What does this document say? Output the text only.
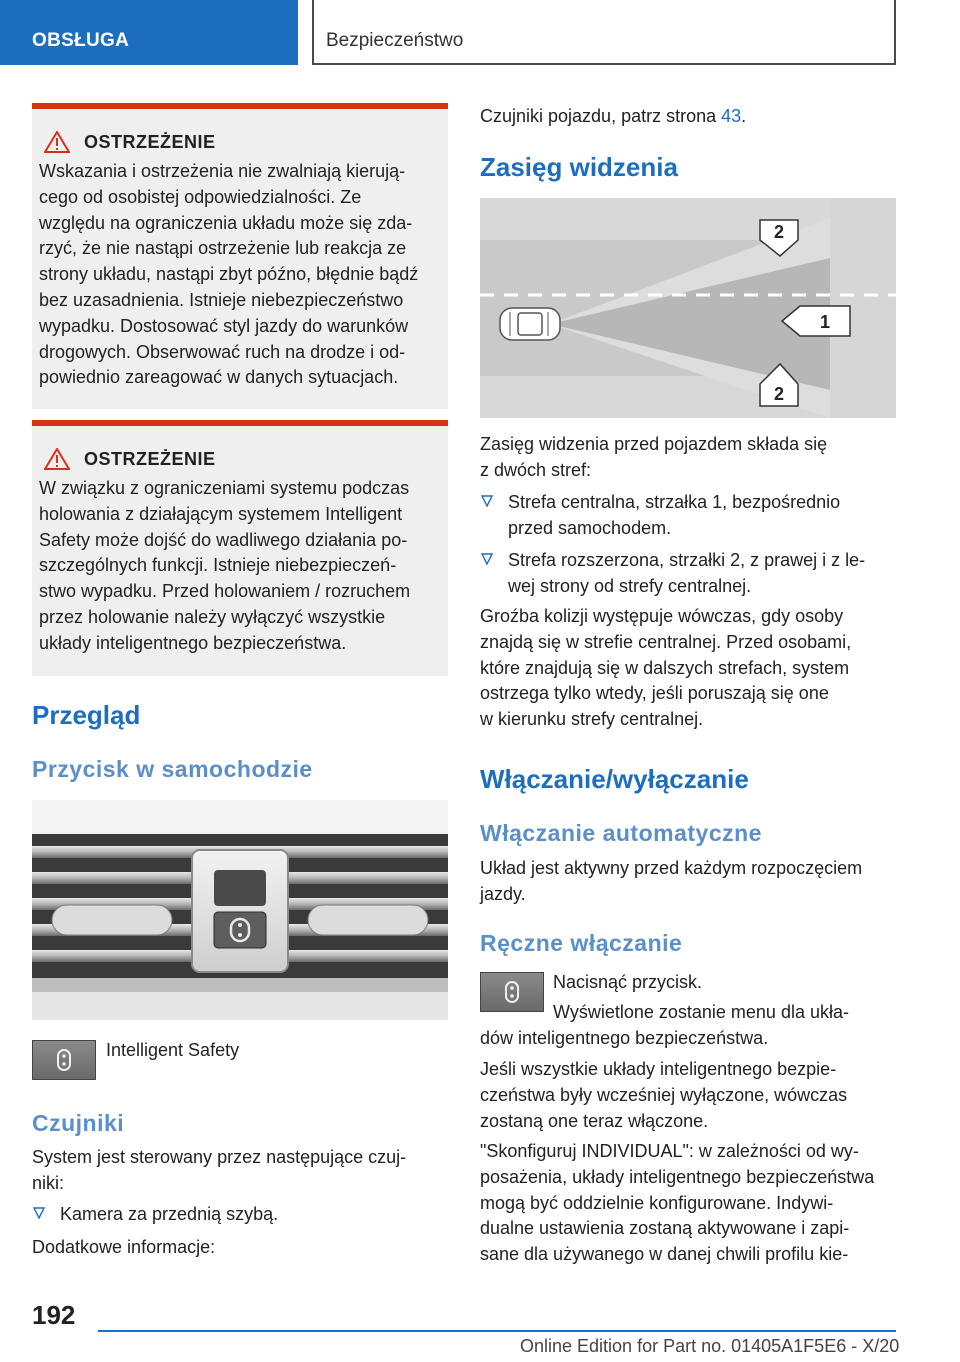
OBSŁUGA	Bezpieczeństwo
OSTRZEŻENIE
Wskazania i ostrzeżenia nie zwalniają kierują-
cego od osobistej odpowiedzialności. Ze
względu na ograniczenia układu może się zda-
rzyć, że nie nastąpi ostrzeżenie lub reakcja ze
strony układu, nastąpi zbyt późno, błędnie bądź
bez uzasadnienia. Istnieje niebezpieczeństwo
wypadku. Dostosować styl jazdy do warunków
drogowych. Obserwować ruch na drodze i od-
powiednio zareagować w danych sytuacjach.
OSTRZEŻENIE
W związku z ograniczeniami systemu podczas
holowania z działającym systemem Intelligent
Safety może dojść do wadliwego działania po-
szczególnych funkcji. Istnieje niebezpieczeń-
stwo wypadku. Przed holowaniem / rozruchem
przez holowanie należy wyłączyć wszystkie
układy inteligentnego bezpieczeństwa.
Przegląd
Przycisk w samochodzie
Intelligent Safety
Czujniki
System jest sterowany przez następujące czuj-
niki:
Kamera za przednią szybą.
Dodatkowe informacje:
Czujniki pojazdu, patrz strona 43.
Zasięg widzenia
2
1
2
Zasięg widzenia przed pojazdem składa się
z dwóch stref:
Strefa centralna, strzałka 1, bezpośrednio
przed samochodem.
Strefa rozszerzona, strzałki 2, z prawej i z le-
wej strony od strefy centralnej.
Groźba kolizji występuje wówczas, gdy osoby
znajdą się w strefie centralnej. Przed osobami,
które znajdują się w dalszych strefach, system
ostrzega tylko wtedy, jeśli poruszają się one
w kierunku strefy centralnej.
Włączanie/wyłączanie
Włączanie automatyczne
Układ jest aktywny przed każdym rozpoczęciem
jazdy.
Ręczne włączanie
Nacisnąć przycisk.
Wyświetlone zostanie menu dla ukła-
dów inteligentnego bezpieczeństwa.
Jeśli wszystkie układy inteligentnego bezpie-
czeństwa były wcześniej wyłączone, wówczas
zostaną one teraz włączone.
"Skonfiguruj INDIVIDUAL": w zależności od wy-
posażenia, układy inteligentnego bezpieczeństwa
mogą być oddzielnie konfigurowane. Indywi-
dualne ustawienia zostaną aktywowane i zapi-
sane dla używanego w danej chwili profilu kie-
192
Online Edition for Part no. 01405A1F5E6 - X/20
